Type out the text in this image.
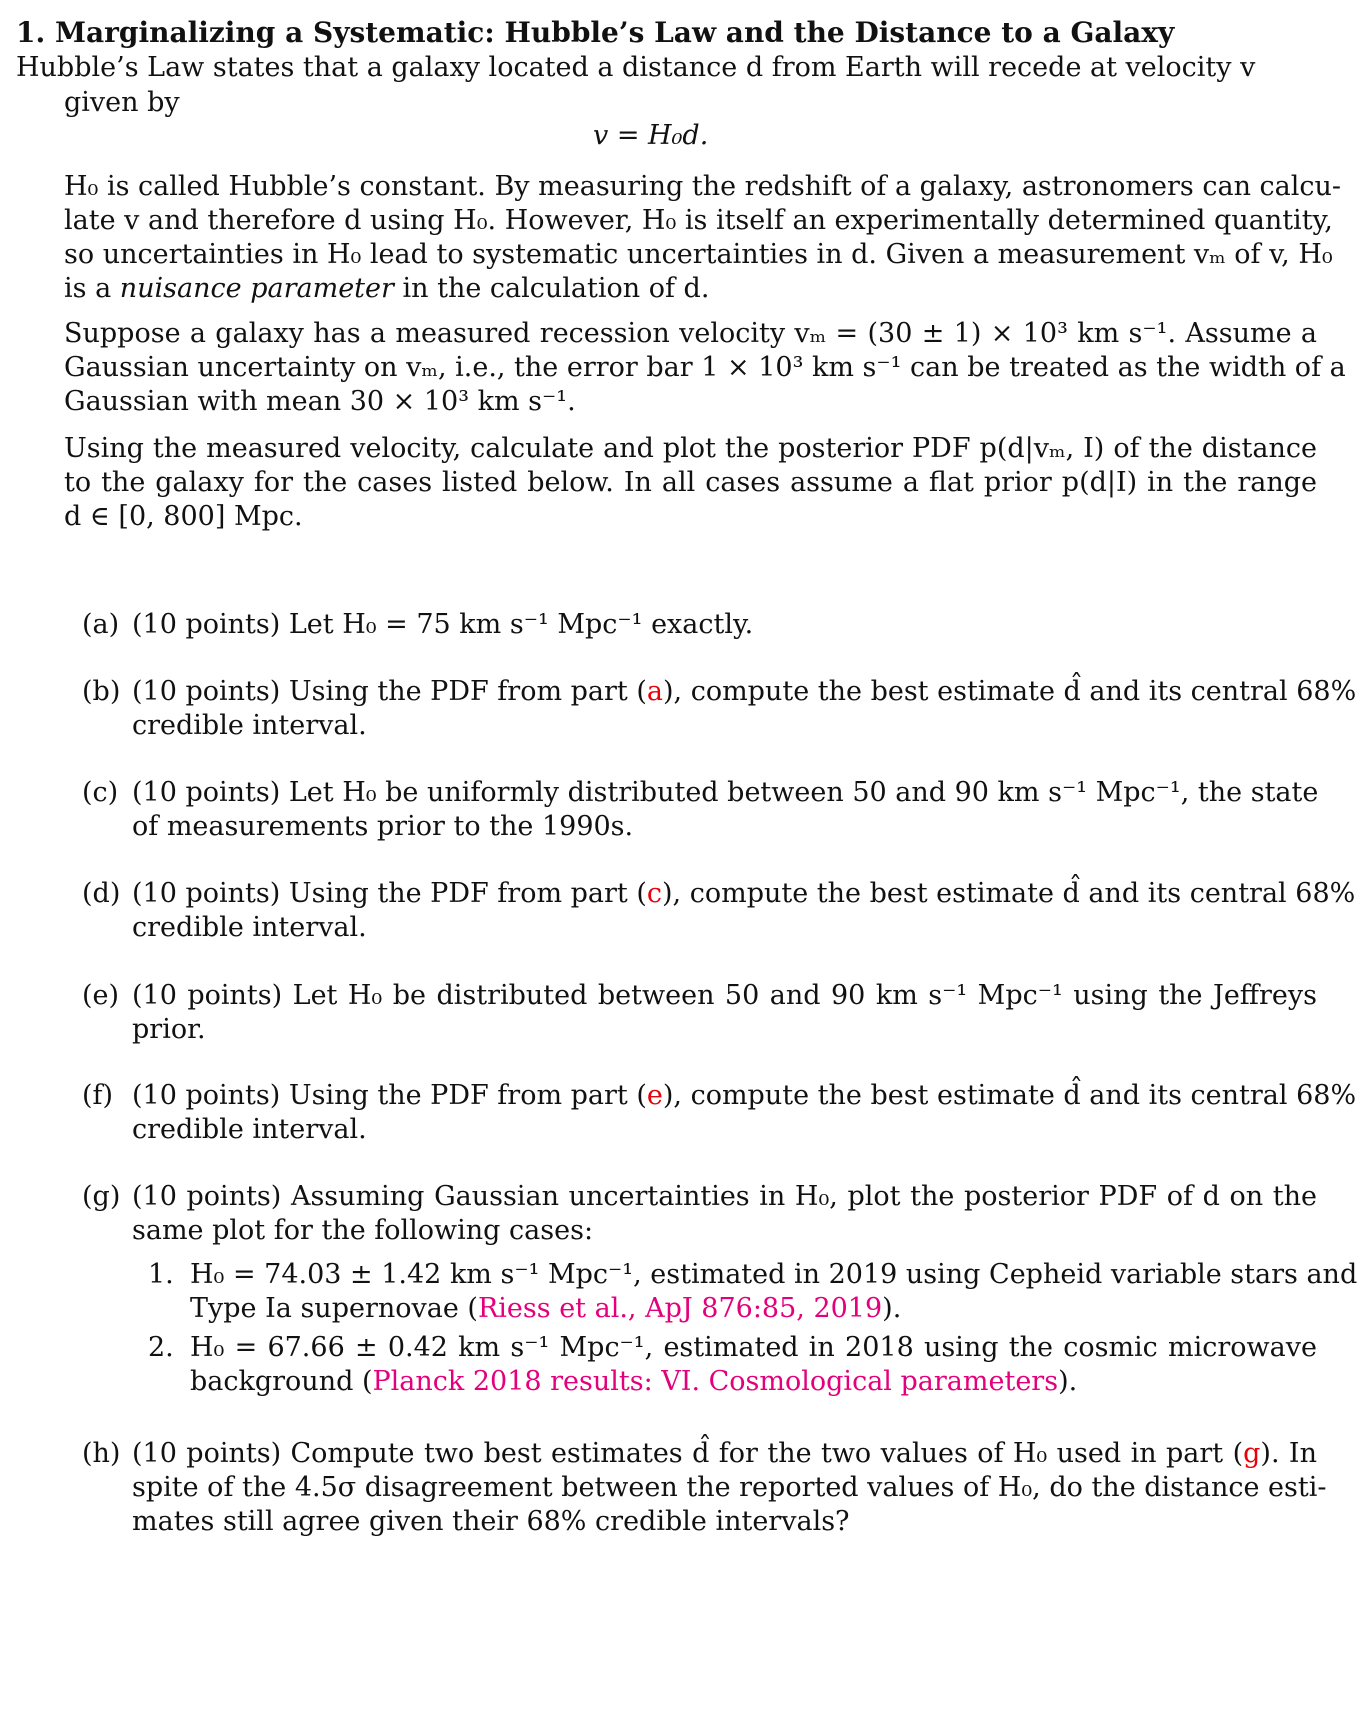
1. Marginalizing a Systematic: Hubble’s Law and the Distance to a Galaxy
Hubble’s Law states that a galaxy located a distance d from Earth will recede at velocity v
given by
v = H₀d.
H₀ is called Hubble’s constant. By measuring the redshift of a galaxy, astronomers can calcu-
late v and therefore d using H₀. However, H₀ is itself an experimentally determined quantity,
so uncertainties in H₀ lead to systematic uncertainties in d. Given a measurement vₘ of v, H₀
is a nuisance parameter in the calculation of d.
Suppose a galaxy has a measured recession velocity vₘ = (30 ± 1) × 10³ km s⁻¹. Assume a
Gaussian uncertainty on vₘ, i.e., the error bar 1 × 10³ km s⁻¹ can be treated as the width of a
Gaussian with mean 30 × 10³ km s⁻¹.
Using the measured velocity, calculate and plot the posterior PDF p(d|vₘ, I) of the distance
to the galaxy for the cases listed below. In all cases assume a flat prior p(d|I) in the range
d ∈ [0, 800] Mpc.
(a) (10 points) Let H₀ = 75 km s⁻¹ Mpc⁻¹ exactly.
(b) (10 points) Using the PDF from part (a), compute the best estimate d̂ and its central 68%
credible interval.
(c) (10 points) Let H₀ be uniformly distributed between 50 and 90 km s⁻¹ Mpc⁻¹, the state
of measurements prior to the 1990s.
(d) (10 points) Using the PDF from part (c), compute the best estimate d̂ and its central 68%
credible interval.
(e) (10 points) Let H₀ be distributed between 50 and 90 km s⁻¹ Mpc⁻¹ using the Jeffreys
prior.
(f) (10 points) Using the PDF from part (e), compute the best estimate d̂ and its central 68%
credible interval.
(g) (10 points) Assuming Gaussian uncertainties in H₀, plot the posterior PDF of d on the
same plot for the following cases:
1. H₀ = 74.03 ± 1.42 km s⁻¹ Mpc⁻¹, estimated in 2019 using Cepheid variable stars and
Type Ia supernovae (Riess et al., ApJ 876:85, 2019).
2. H₀ = 67.66 ± 0.42 km s⁻¹ Mpc⁻¹, estimated in 2018 using the cosmic microwave
background (Planck 2018 results: VI. Cosmological parameters).
(h) (10 points) Compute two best estimates d̂ for the two values of H₀ used in part (g). In
spite of the 4.5σ disagreement between the reported values of H₀, do the distance esti-
mates still agree given their 68% credible intervals?
